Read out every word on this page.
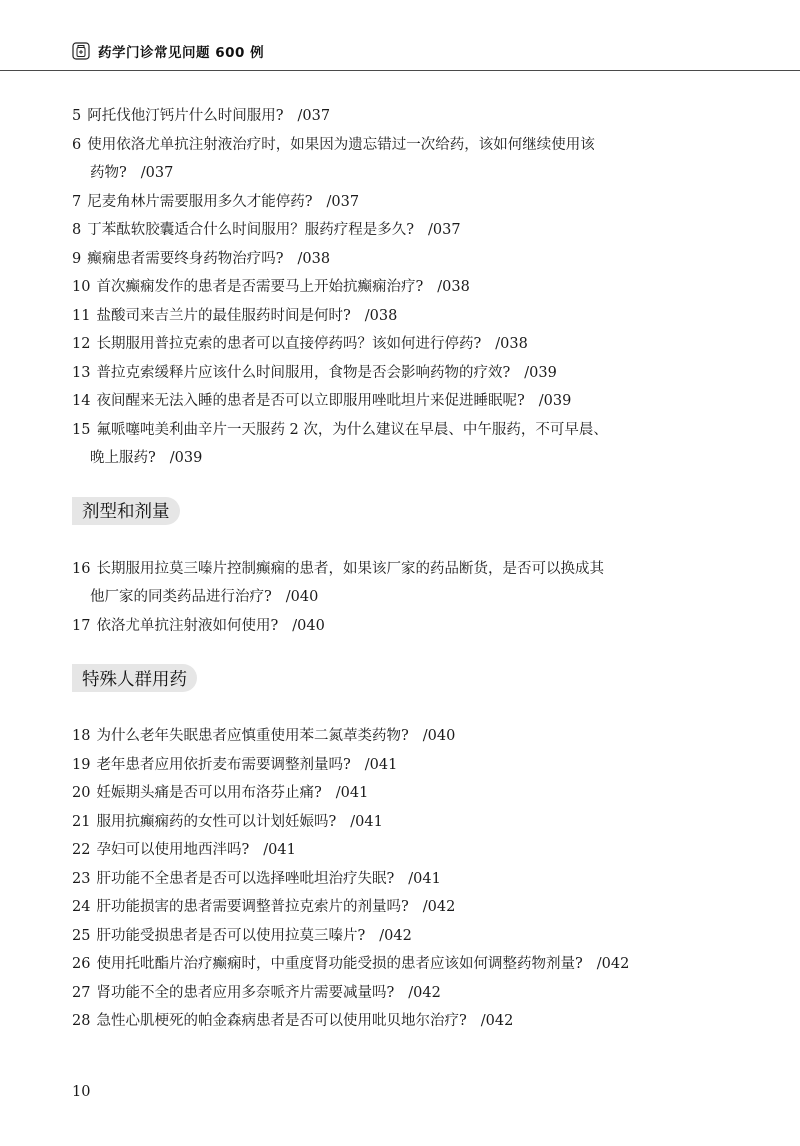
药学门诊常见问题 600 例
5 阿托伐他汀钙片什么时间服用? /037
6 使用依洛尤单抗注射液治疗时，如果因为遗忘错过一次给药，该如何继续使用该
药物? /037
7 尼麦角林片需要服用多久才能停药? /037
8 丁苯酞软胶囊适合什么时间服用？服药疗程是多久? /037
9 癫痫患者需要终身药物治疗吗? /038
10 首次癫痫发作的患者是否需要马上开始抗癫痫治疗? /038
11 盐酸司来吉兰片的最佳服药时间是何时? /038
12 长期服用普拉克索的患者可以直接停药吗？该如何进行停药? /038
13 普拉克索缓释片应该什么时间服用，食物是否会影响药物的疗效? /039
14 夜间醒来无法入睡的患者是否可以立即服用唑吡坦片来促进睡眠呢? /039
15 氟哌噻吨美利曲辛片一天服药 2 次，为什么建议在早晨、中午服药，不可早晨、
晚上服药? /039
剂型和剂量
16 长期服用拉莫三嗪片控制癫痫的患者，如果该厂家的药品断货，是否可以换成其
他厂家的同类药品进行治疗? /040
17 依洛尤单抗注射液如何使用? /040
特殊人群用药
18 为什么老年失眠患者应慎重使用苯二氮䓬类药物? /040
19 老年患者应用依折麦布需要调整剂量吗? /041
20 妊娠期头痛是否可以用布洛芬止痛? /041
21 服用抗癫痫药的女性可以计划妊娠吗? /041
22 孕妇可以使用地西泮吗? /041
23 肝功能不全患者是否可以选择唑吡坦治疗失眠? /041
24 肝功能损害的患者需要调整普拉克索片的剂量吗? /042
25 肝功能受损患者是否可以使用拉莫三嗪片? /042
26 使用托吡酯片治疗癫痫时，中重度肾功能受损的患者应该如何调整药物剂量? /042
27 肾功能不全的患者应用多奈哌齐片需要减量吗? /042
28 急性心肌梗死的帕金森病患者是否可以使用吡贝地尔治疗? /042
10
